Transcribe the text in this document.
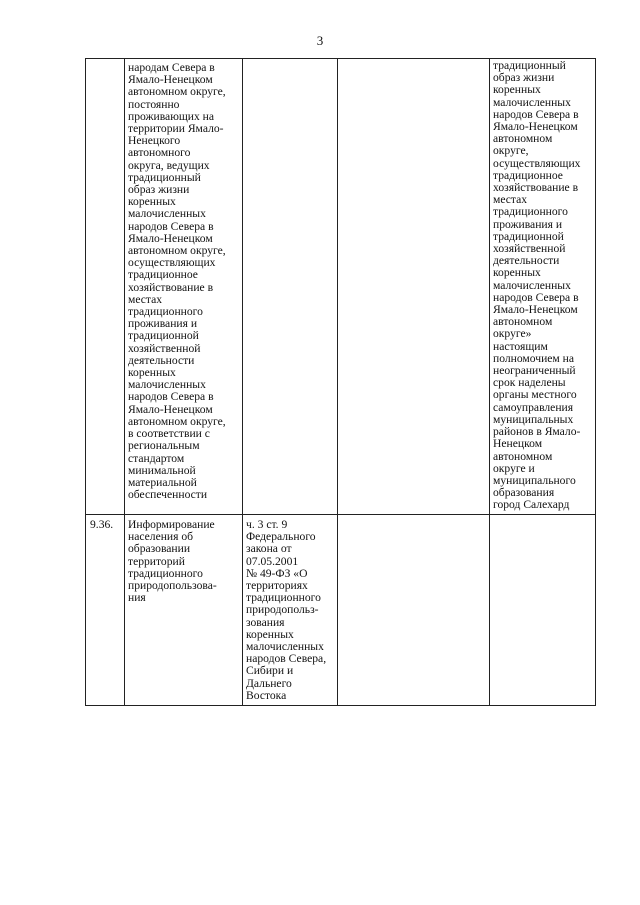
3
народам Севера в
Ямало-Ненецком
автономном округе,
постоянно
проживающих на
территории Ямало-
Ненецкого
автономного
округа, ведущих
традиционный
образ жизни
коренных
малочисленных
народов Севера в
Ямало-Ненецком
автономном округе,
осуществляющих
традиционное
хозяйствование в
местах
традиционного
проживания и
традиционной
хозяйственной
деятельности
коренных
малочисленных
народов Севера в
Ямало-Ненецком
автономном округе,
в соответствии с
региональным
стандартом
минимальной
материальной
обеспеченности
традиционный
образ жизни
коренных
малочисленных
народов Севера в
Ямало-Ненецком
автономном
округе,
осуществляющих
традиционное
хозяйствование в
местах
традиционного
проживания и
традиционной
хозяйственной
деятельности
коренных
малочисленных
народов Севера в
Ямало-Ненецком
автономном
округе»
настоящим
полномочием на
неограниченный
срок наделены
органы местного
самоуправления
муниципальных
районов в Ямало-
Ненецком
автономном
округе и
муниципального
образования
город Салехард
9.36.	Информирование
населения об
образовании
территорий
традиционного
природопользова-
ния
ч. 3 ст. 9
Федерального
закона от
07.05.2001
№ 49-ФЗ «О
территориях
традиционного
природопольз-
зования
коренных
малочисленных
народов Севера,
Сибири и
Дальнего
Востока
